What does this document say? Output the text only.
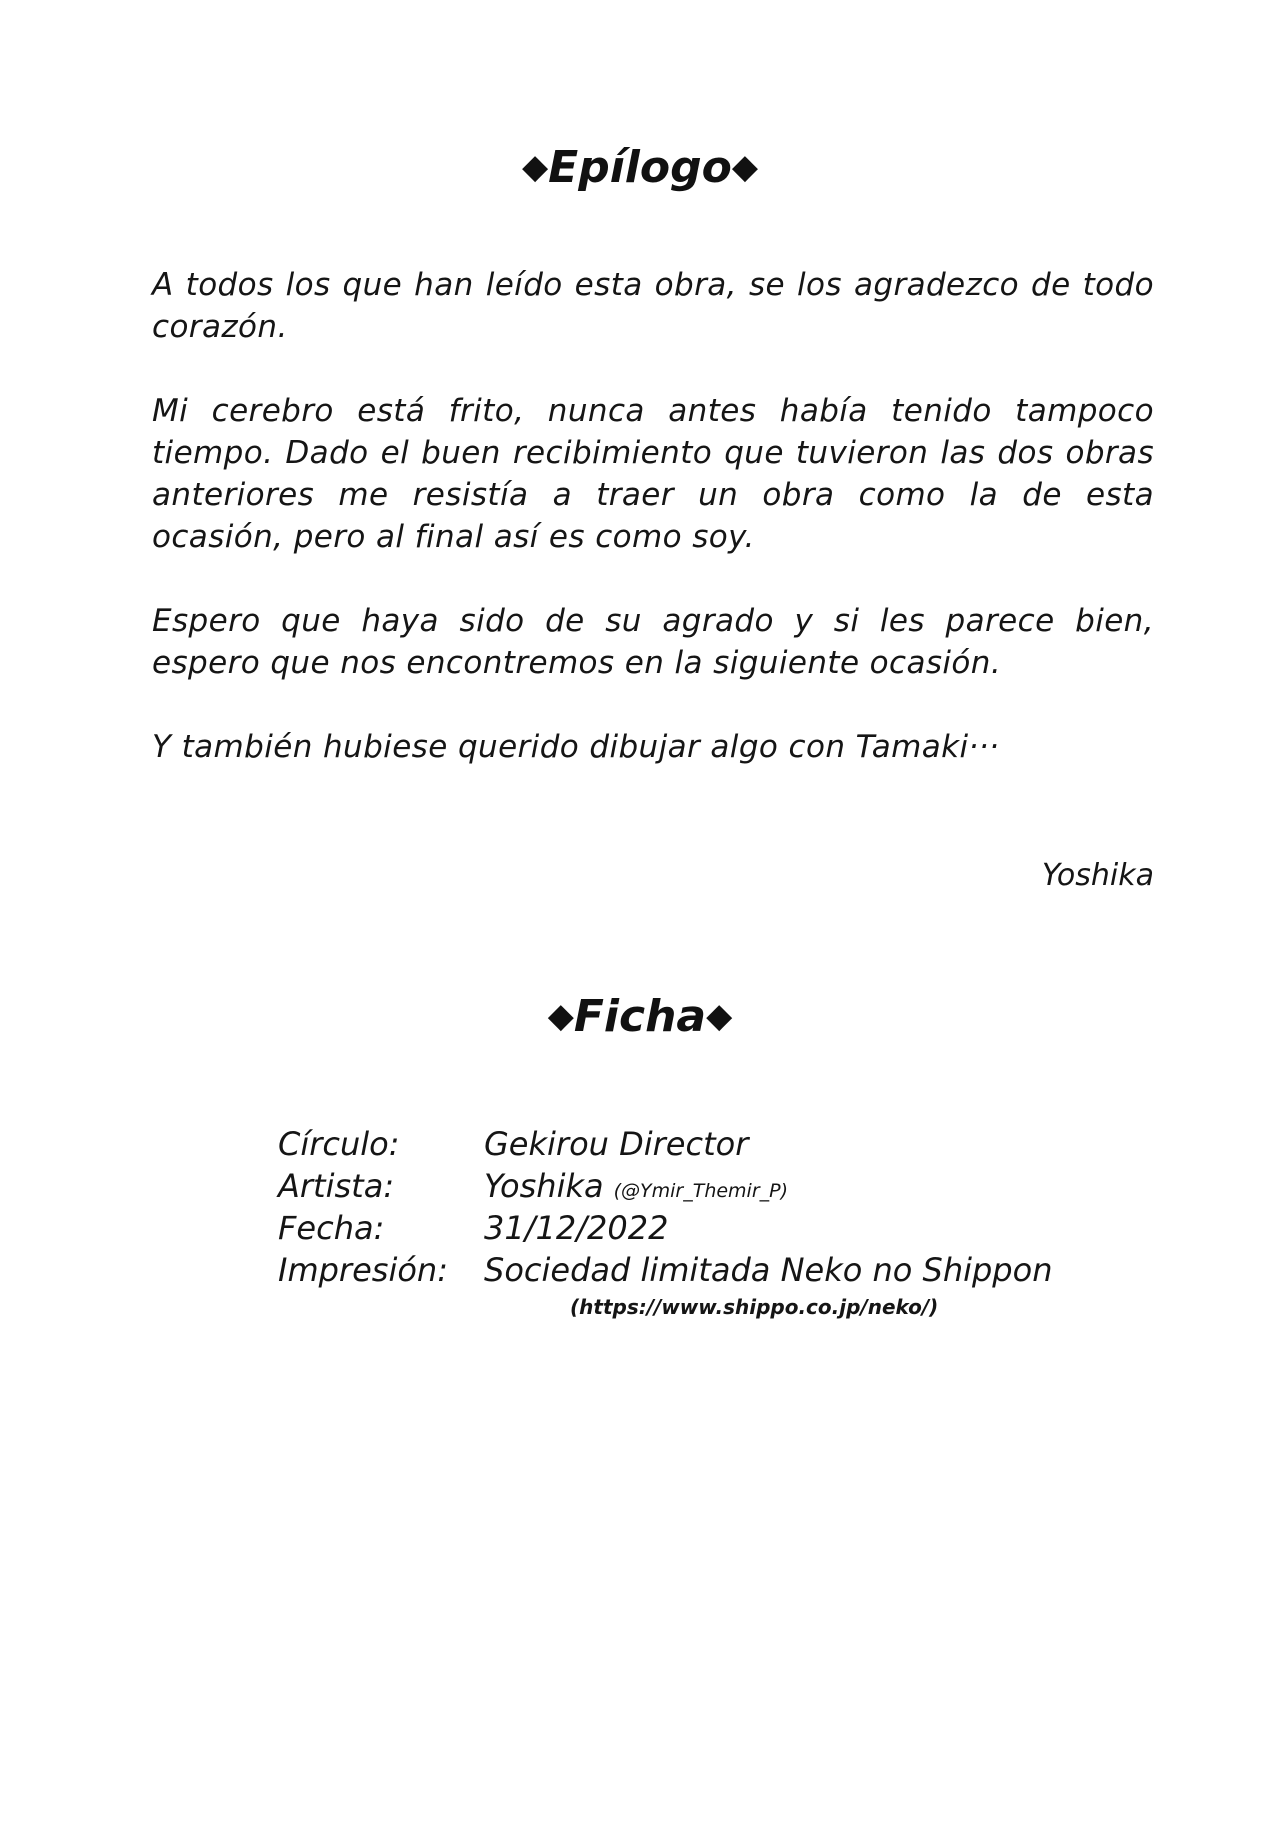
◆Epílogo◆
A todos los que han leído esta obra, se los agradezco de todo corazón.
Mi cerebro está frito, nunca antes había tenido tampoco tiempo. Dado el buen recibimiento que tuvieron las dos obras anteriores me resistía a traer un obra como la de esta ocasión, pero al final así es como soy.
Espero que haya sido de su agrado y si les parece bien, espero que nos encontremos en la siguiente ocasión.
Y también hubiese querido dibujar algo con Tamaki···
Yoshika
◆Ficha◆
Círculo:	Gekirou Director
Artista:	Yoshika (@Ymir_Themir_P)
Fecha:	31/12/2022
Impresión:	Sociedad limitada Neko no Shippon
(https://www.shippo.co.jp/neko/)
